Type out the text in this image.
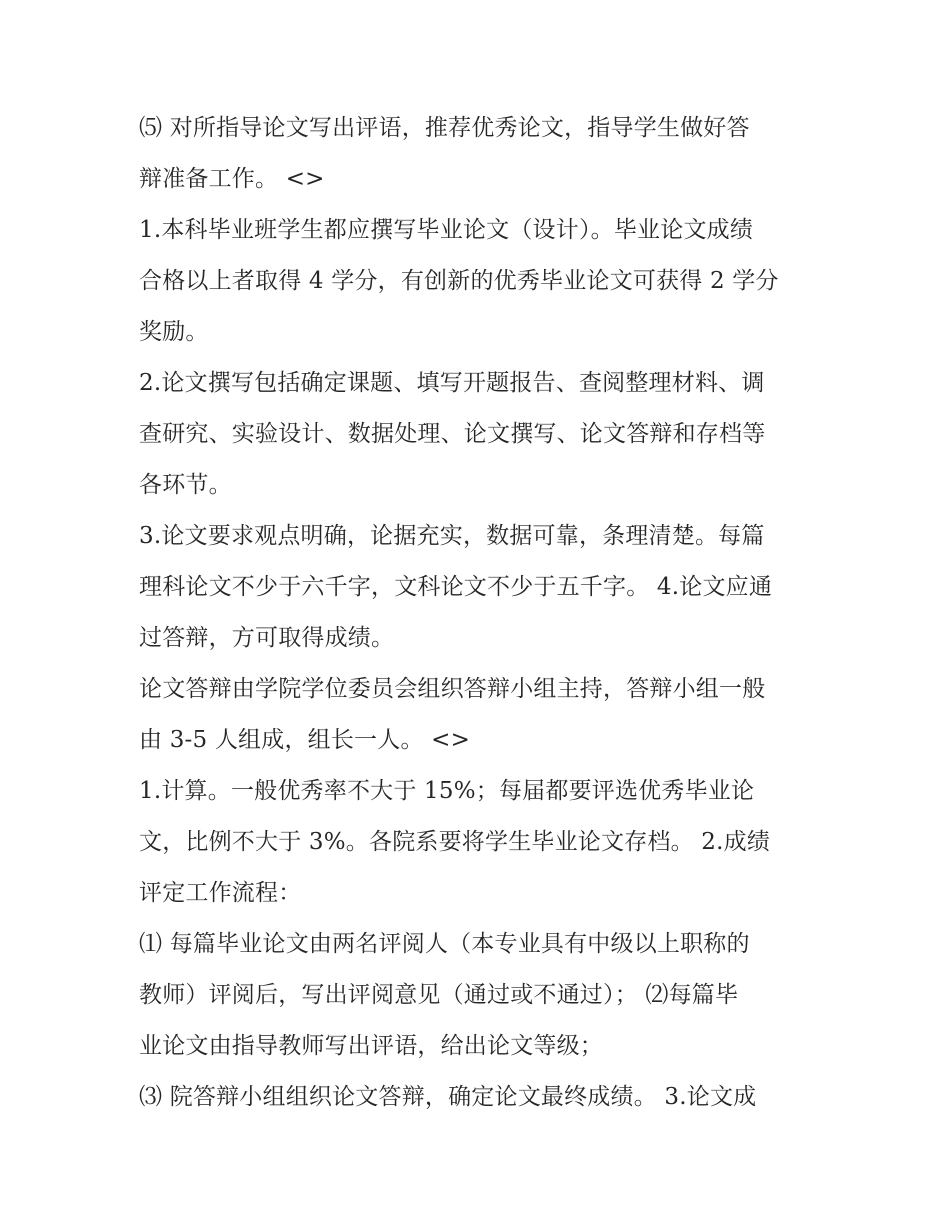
⑸ 对所指导论文写出评语，推荐优秀论文，指导学生做好答
辩准备工作。 <>
1.本科毕业班学生都应撰写毕业论文（设计）。毕业论文成绩
合格以上者取得 4 学分，有创新的优秀毕业论文可获得 2 学分
奖励。
2.论文撰写包括确定课题、填写开题报告、查阅整理材料、调
查研究、实验设计、数据处理、论文撰写、论文答辩和存档等
各环节。
3.论文要求观点明确，论据充实，数据可靠，条理清楚。每篇
理科论文不少于六千字，文科论文不少于五千字。 4.论文应通
过答辩，方可取得成绩。
论文答辩由学院学位委员会组织答辩小组主持，答辩小组一般
由 3-5 人组成，组长一人。 <>
1.计算。一般优秀率不大于 15%；每届都要评选优秀毕业论
文，比例不大于 3%。各院系要将学生毕业论文存档。 2.成绩
评定工作流程：
⑴ 每篇毕业论文由两名评阅人（本专业具有中级以上职称的
教师）评阅后，写出评阅意见（通过或不通过）； ⑵每篇毕
业论文由指导教师写出评语，给出论文等级；
⑶ 院答辩小组组织论文答辩，确定论文最终成绩。 3.论文成
